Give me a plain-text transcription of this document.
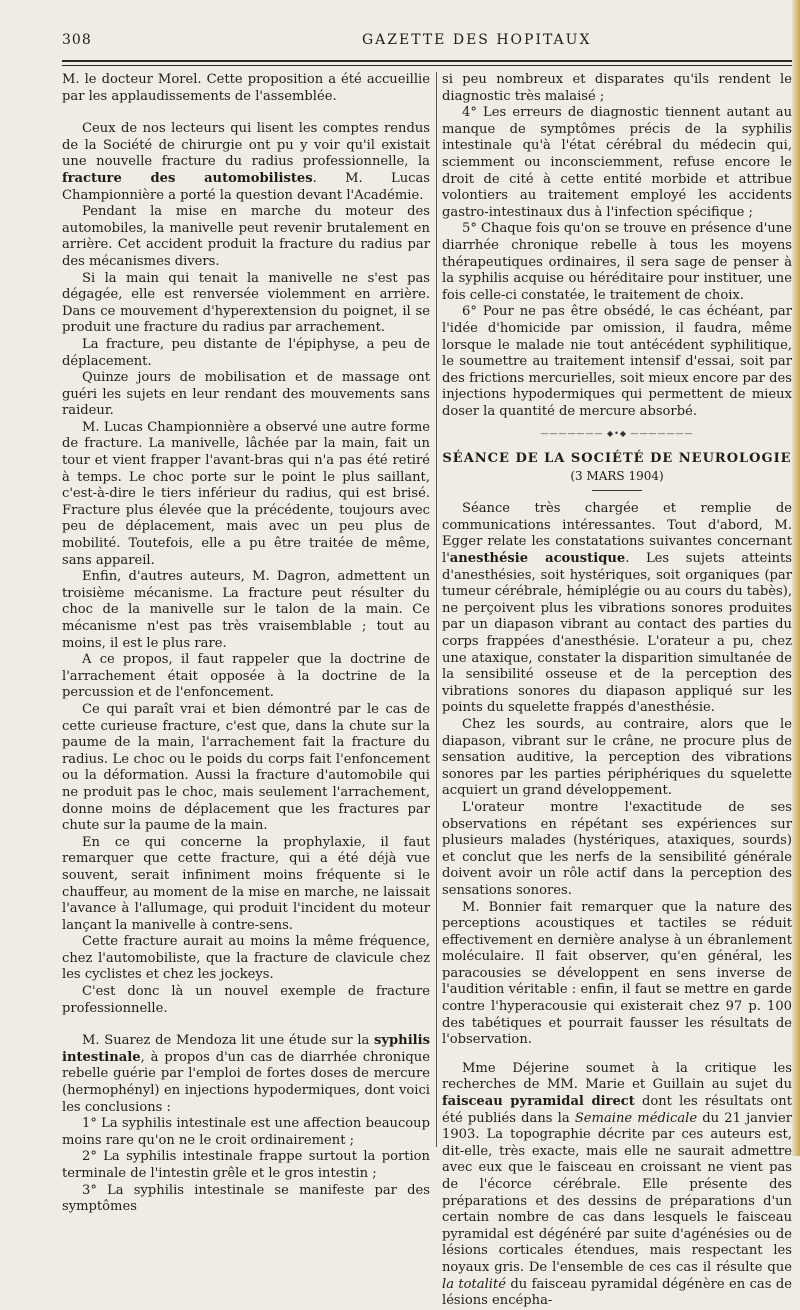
308	GAZETTE DES HOPITAUX

M. le docteur Morel. Cette proposition a été accueillie par les applaudissements de l'assemblée.

Ceux de nos lecteurs qui lisent les comptes rendus de la Société de chirurgie ont pu y voir qu'il existait une nouvelle fracture du radius professionnelle, la fracture des automobilistes. M. Lucas Championnière a porté la question devant l'Académie.

Pendant la mise en marche du moteur des automobiles, la manivelle peut revenir brutalement en arrière. Cet accident produit la fracture du radius par des mécanismes divers.

Si la main qui tenait la manivelle ne s'est pas dégagée, elle est renversée violemment en arrière. Dans ce mouvement d'hyperextension du poignet, il se produit une fracture du radius par arrachement.

La fracture, peu distante de l'épiphyse, a peu de déplacement.

Quinze jours de mobilisation et de massage ont guéri les sujets en leur rendant des mouvements sans raideur.

M. Lucas Championnière a observé une autre forme de fracture. La manivelle, lâchée par la main, fait un tour et vient frapper l'avant-bras qui n'a pas été retiré à temps. Le choc porte sur le point le plus saillant, c'est-à-dire le tiers inférieur du radius, qui est brisé. Fracture plus élevée que la précédente, toujours avec peu de déplacement, mais avec un peu plus de mobilité. Toutefois, elle a pu être traitée de même, sans appareil.

Enfin, d'autres auteurs, M. Dagron, admettent un troisième mécanisme. La fracture peut résulter du choc de la manivelle sur le talon de la main. Ce mécanisme n'est pas très vraisemblable ; tout au moins, il est le plus rare.

A ce propos, il faut rappeler que la doctrine de l'arrachement était opposée à la doctrine de la percussion et de l'enfoncement.

Ce qui paraît vrai et bien démontré par le cas de cette curieuse fracture, c'est que, dans la chute sur la paume de la main, l'arrachement fait la fracture du radius. Le choc ou le poids du corps fait l'enfoncement ou la déformation. Aussi la fracture d'automobile qui ne produit pas le choc, mais seulement l'arrachement, donne moins de déplacement que les fractures par chute sur la paume de la main.

En ce qui concerne la prophylaxie, il faut remarquer que cette fracture, qui a été déjà vue souvent, serait infiniment moins fréquente si le chauffeur, au moment de la mise en marche, ne laissait l'avance à l'allumage, qui produit l'incident du moteur lançant la manivelle à contre-sens.

Cette fracture aurait au moins la même fréquence, chez l'automobiliste, que la fracture de clavicule chez les cyclistes et chez les jockeys.

C'est donc là un nouvel exemple de fracture professionnelle.

M. Suarez de Mendoza lit une étude sur la syphilis intestinale, à propos d'un cas de diarrhée chronique rebelle guérie par l'emploi de fortes doses de mercure (hermophényl) en injections hypodermiques, dont voici les conclusions :

1° La syphilis intestinale est une affection beaucoup moins rare qu'on ne le croit ordinairement ;

2° La syphilis intestinale frappe surtout la portion terminale de l'intestin grêle et le gros intestin ;

3° La syphilis intestinale se manifeste par des symptômes

si peu nombreux et disparates qu'ils rendent le diagnostic très malaisé ;

4° Les erreurs de diagnostic tiennent autant au manque de symptômes précis de la syphilis intestinale qu'à l'état cérébral du médecin qui, sciemment ou inconsciemment, refuse encore le droit de cité à cette entité morbide et attribue volontiers au traitement employé les accidents gastro-intestinaux dus à l'infection spécifique ;

5° Chaque fois qu'on se trouve en présence d'une diarrhée chronique rebelle à tous les moyens thérapeutiques ordinaires, il sera sage de penser à la syphilis acquise ou héréditaire pour instituer, une fois celle-ci constatée, le traitement de choix.

6° Pour ne pas être obsédé, le cas échéant, par l'idée d'homicide par omission, il faudra, même lorsque le malade nie tout antécédent syphilitique, le soumettre au traitement intensif d'essai, soit par des frictions mercurielles, soit mieux encore par des injections hypodermiques qui permettent de mieux doser la quantité de mercure absorbé.

——————— ◆•◆ ———————
SÉANCE DE LA SOCIÉTÉ DE NEUROLOGIE
(3 MARS 1904)

Séance très chargée et remplie de communications intéressantes. Tout d'abord, M. Egger relate les constatations suivantes concernant l'anesthésie acoustique. Les sujets atteints d'anesthésies, soit hystériques, soit organiques (par tumeur cérébrale, hémiplégie ou au cours du tabès), ne perçoivent plus les vibrations sonores produites par un diapason vibrant au contact des parties du corps frappées d'anesthésie. L'orateur a pu, chez une ataxique, constater la disparition simultanée de la sensibilité osseuse et de la perception des vibrations sonores du diapason appliqué sur les points du squelette frappés d'anesthésie.

Chez les sourds, au contraire, alors que le diapason, vibrant sur le crâne, ne procure plus de sensation auditive, la perception des vibrations sonores par les parties périphériques du squelette acquiert un grand développement.

L'orateur montre l'exactitude de ses observations en répétant ses expériences sur plusieurs malades (hystériques, ataxiques, sourds) et conclut que les nerfs de la sensibilité générale doivent avoir un rôle actif dans la perception des sensations sonores.

M. Bonnier fait remarquer que la nature des perceptions acoustiques et tactiles se réduit effectivement en dernière analyse à un ébranlement moléculaire. Il fait observer, qu'en général, les paracousies se développent en sens inverse de l'audition véritable : enfin, il faut se mettre en garde contre l'hyperacousie qui existerait chez 97 p. 100 des tabétiques et pourrait fausser les résultats de l'observation.

Mme Déjerine soumet à la critique les recherches de MM. Marie et Guillain au sujet du faisceau pyramidal direct dont les résultats ont été publiés dans la Semaine médicale du 21 janvier 1903. La topographie décrite par ces auteurs est, dit-elle, très exacte, mais elle ne saurait admettre avec eux que le faisceau en croissant ne vient pas de l'écorce cérébrale. Elle présente des préparations et des dessins de préparations d'un certain nombre de cas dans lesquels le faisceau pyramidal est dégénéré par suite d'agénésies ou de lésions corticales étendues, mais respectant les noyaux gris. De l'ensemble de ces cas il résulte que la totalité du faisceau pyramidal dégénère en cas de lésions encépha-
